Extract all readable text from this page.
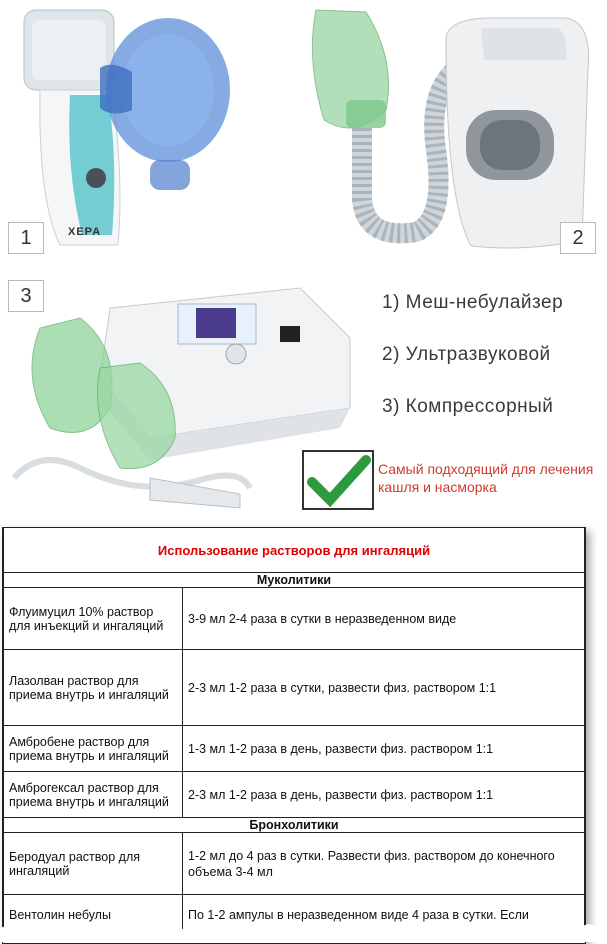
1	XEPA	2
3	1) Меш-небулайзер
2) Ультразвуковой
3) Компрессорный
Самый подходящий для лечения кашля и насморка
Использование растворов для ингаляций	
Муколитики	
Флуимуцил 10% раствор для инъекций и ингаляций	3-9 мл 2-4 раза в сутки в неразведенном виде
Лазолван раствор для приема внутрь и ингаляций	2-3 мл 1-2 раза в сутки, развести физ. раствором 1:1
Амбробене раствор для приема внутрь и ингаляций	1-3 мл 1-2 раза в день, развести физ. раствором 1:1
Амброгексал раствор для приема внутрь и ингаляций	2-3 мл 1-2 раза в день, развести физ. раствором 1:1
Бронхолитики	
Беродуал раствор для ингаляций	1-2 мл до 4 раз в сутки. Развести физ. раствором до конечного объема 3-4 мл
Вентолин небулы	По 1-2 ампулы в неразведенном виде 4 раза в сутки. Если
